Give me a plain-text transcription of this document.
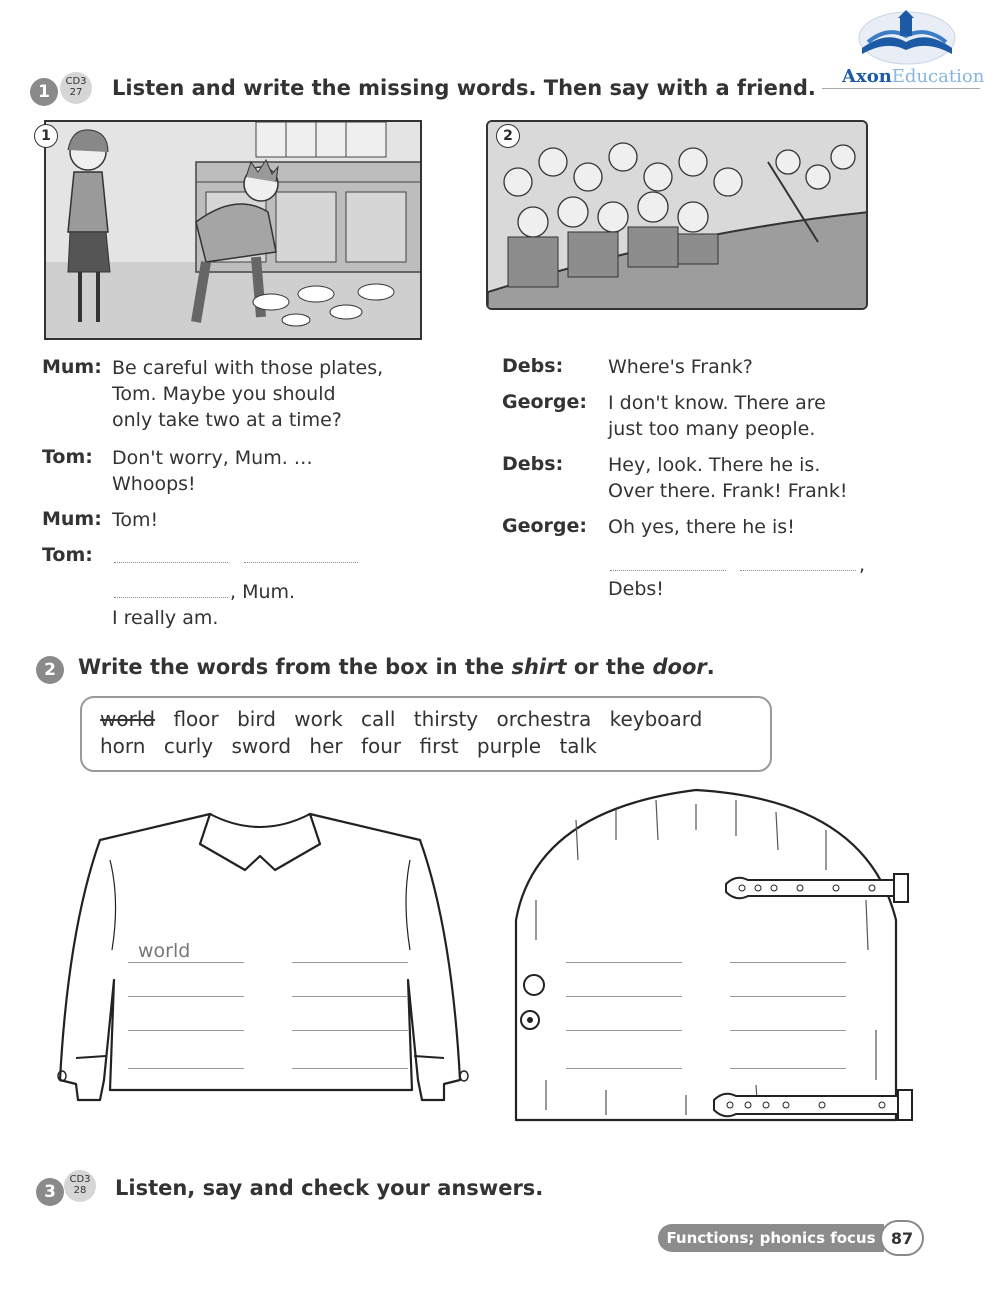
AxonEducation
1
CD3
27	Listen and write the missing words. Then say with a friend.
1	2
Mum: Be careful with those plates,
Tom. Maybe you should
only take two at a time?
Tom: Don't worry, Mum. …
Whoops!
Mum: Tom!
Tom:
, Mum.
I really am.
Debs: Where's Frank?
George: I don't know. There are
just too many people.
Debs: Hey, look. There he is.
Over there. Frank! Frank!
George: Oh yes, there he is!
,
Debs!
2	Write the words from the box in the shirt or the door.
world floor bird work call thirsty orchestra keyboard
horn curly sword her four first purple talk
world
3
CD3
28	Listen, say and check your answers.
Functions; phonics focus 87
